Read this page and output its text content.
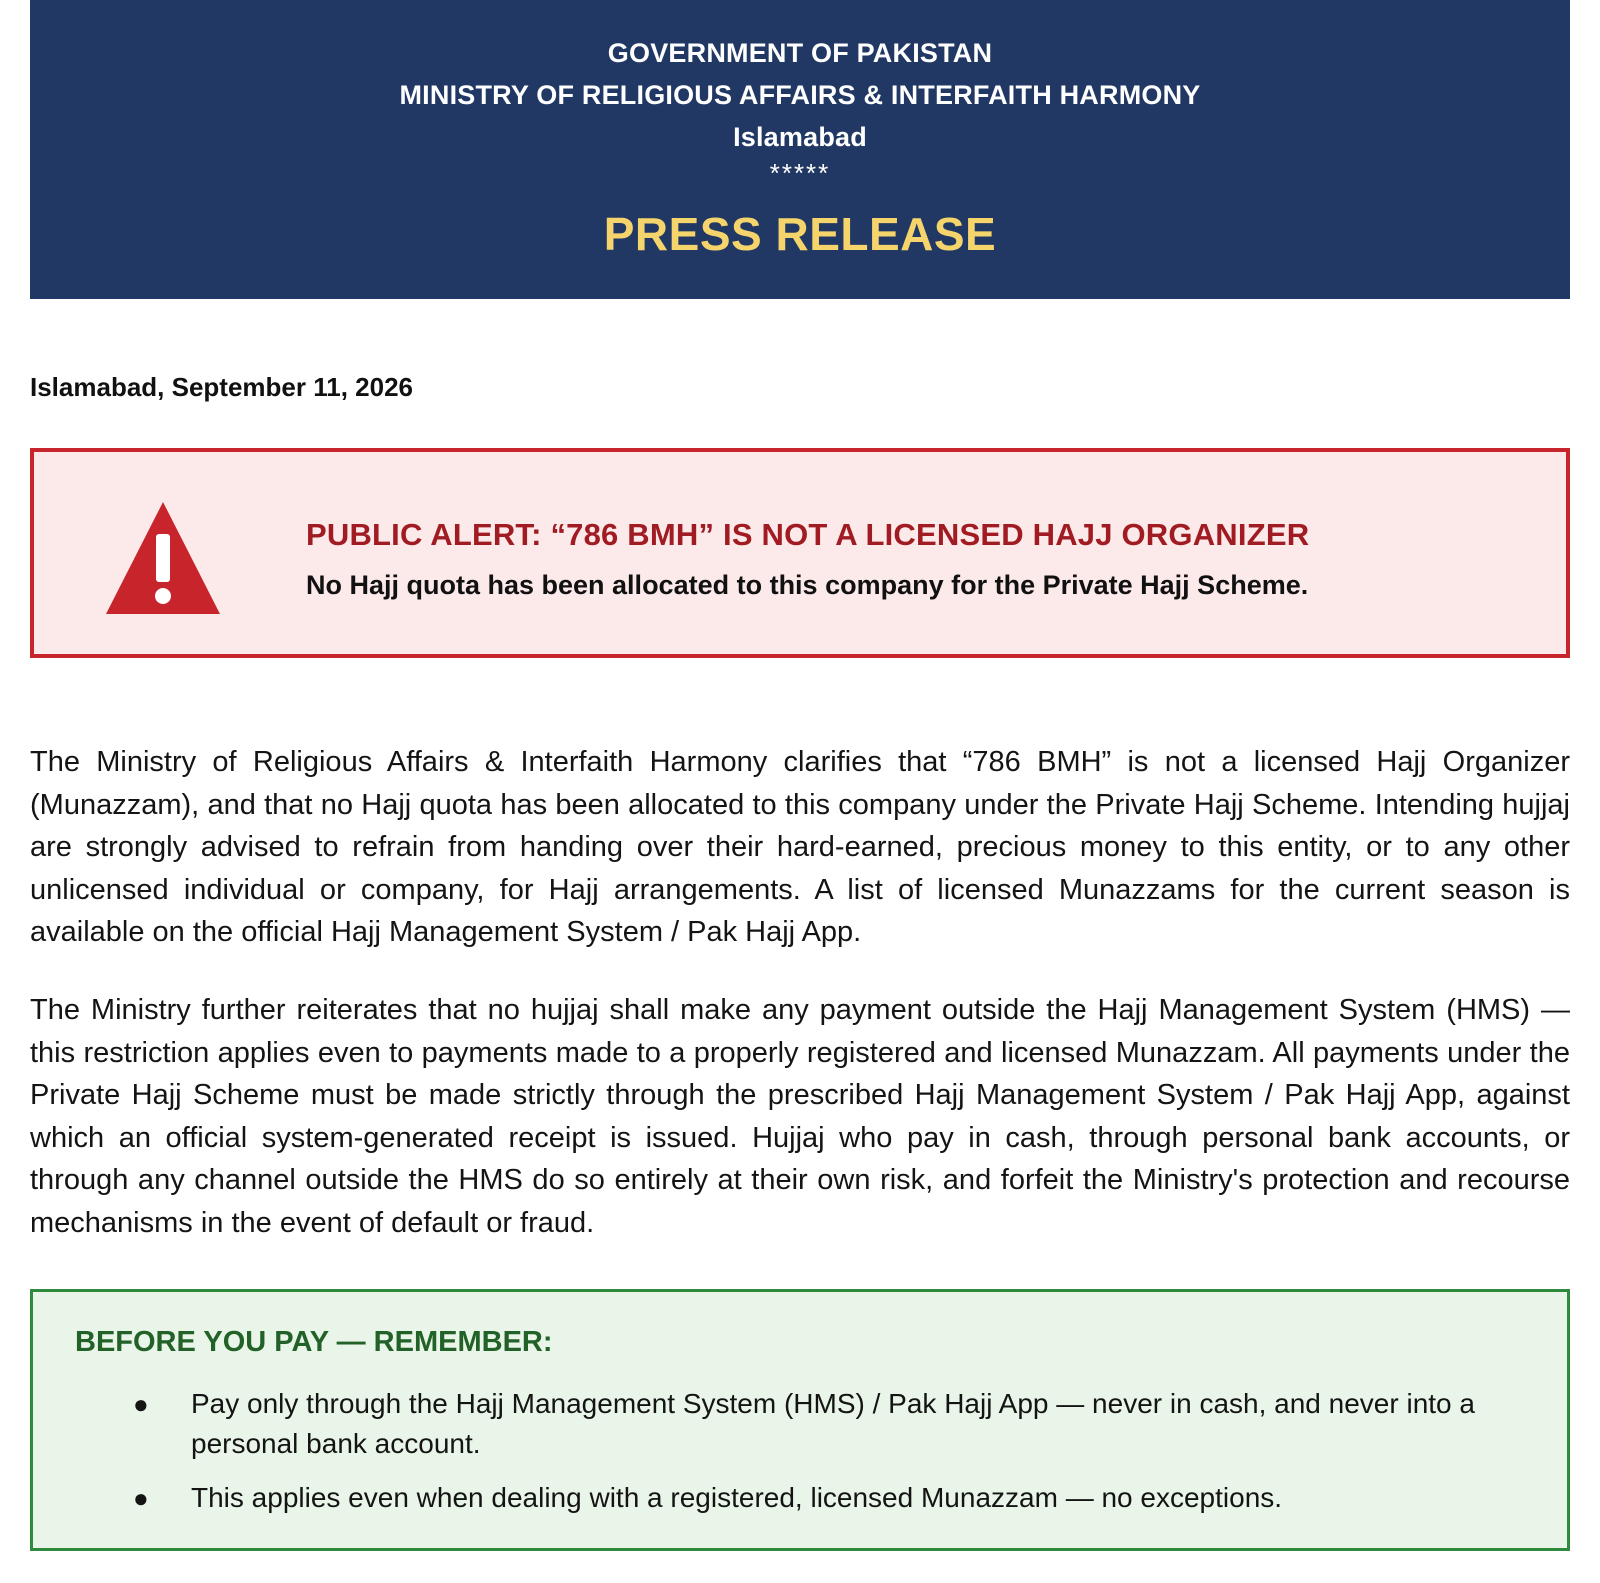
GOVERNMENT OF PAKISTAN
MINISTRY OF RELIGIOUS AFFAIRS & INTERFAITH HARMONY
Islamabad
*****
PRESS RELEASE
Islamabad, September 11, 2026
PUBLIC ALERT: “786 BMH” IS NOT A LICENSED HAJJ ORGANIZER
No Hajj quota has been allocated to this company for the Private Hajj Scheme.

The Ministry of Religious Affairs & Interfaith Harmony clarifies that “786 BMH” is not a licensed Hajj Organizer (Munazzam), and that no Hajj quota has been allocated to this company under the Private Hajj Scheme. Intending hujjaj are strongly advised to refrain from handing over their hard-earned, precious money to this entity, or to any other unlicensed individual or company, for Hajj arrangements. A list of licensed Munazzams for the current season is available on the official Hajj Management System / Pak Hajj App.

The Ministry further reiterates that no hujjaj shall make any payment outside the Hajj Management System (HMS) — this restriction applies even to payments made to a properly registered and licensed Munazzam. All payments under the Private Hajj Scheme must be made strictly through the prescribed Hajj Management System / Pak Hajj App, against which an official system-generated receipt is issued. Hujjaj who pay in cash, through personal bank accounts, or through any channel outside the HMS do so entirely at their own risk, and forfeit the Ministry's protection and recourse mechanisms in the event of default or fraud.

BEFORE YOU PAY — REMEMBER:
● Pay only through the Hajj Management System (HMS) / Pak Hajj App — never in cash, and never into a personal bank account.
● This applies even when dealing with a registered, licensed Munazzam — no exceptions.
